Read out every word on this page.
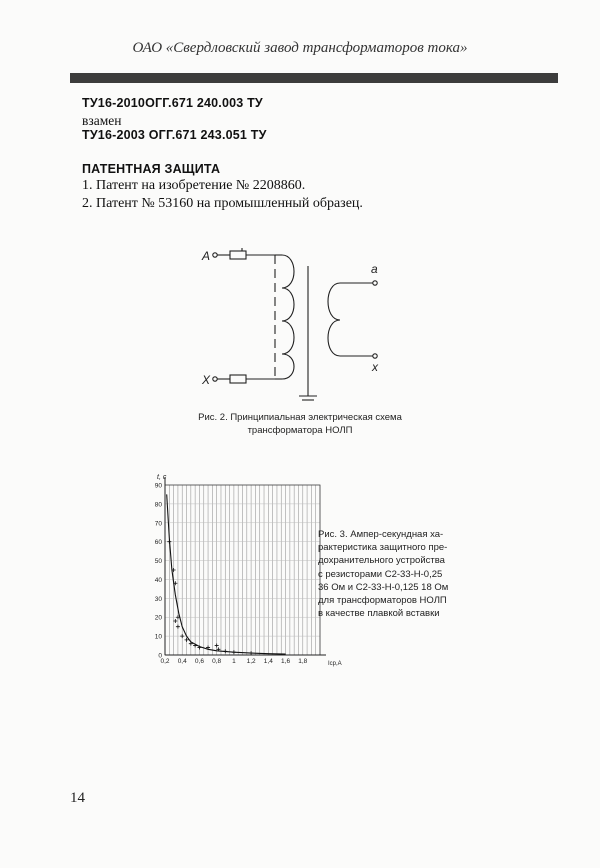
ОАО «Свердловский завод трансформаторов тока»
ТУ16-2010ОГГ.671 240.003 ТУ
взамен
ТУ16-2003 ОГГ.671 243.051 ТУ
ПАТЕНТНАЯ ЗАЩИТА
1. Патент на изобретение № 2208860.
2. Патент № 53160 на промышленный образец.
A
X
a
x
Рис. 2. Принципиальная электрическая схема
трансформатора НОЛП
0
10
20
30
40
50
60
70
80
90
0,2 0,4 0,6 0,8 1 1,2 1,4 1,6 1,8
t, c
Iср,A
Рис. 3. Ампер-секундная ха-
рактеристика защитного пре-
дохранительного устройства
с резисторами С2-33-Н-0,25
36 Ом и С2-33-Н-0,125 18 Ом
для трансформаторов НОЛП
в качестве плавкой вставки
14
